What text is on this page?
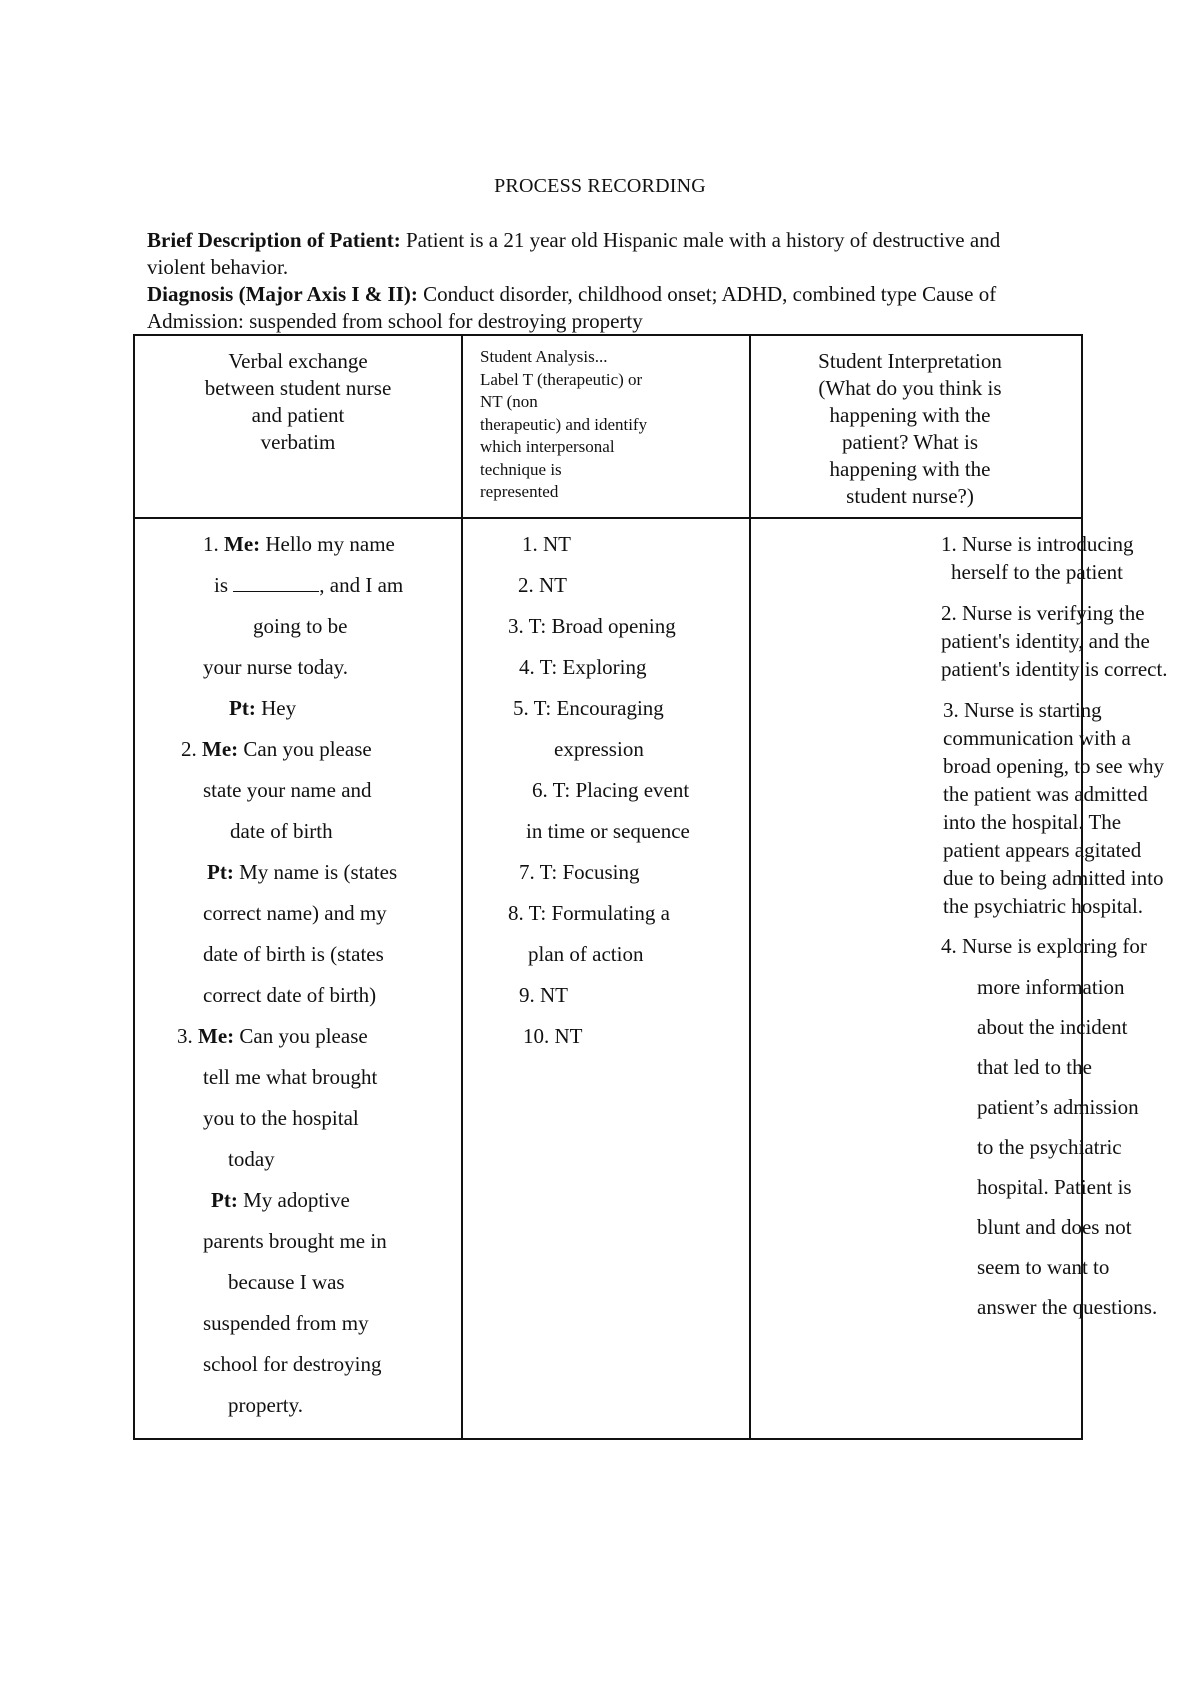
PROCESS RECORDING
Brief Description of Patient: Patient is a 21 year old Hispanic male with a history of destructive and violent behavior.
Diagnosis (Major Axis I & II): Conduct disorder, childhood onset; ADHD, combined type Cause of Admission: suspended from school for destroying property
Verbal exchange
between student nurse
and patient
verbatim
Student Analysis...
Label T (therapeutic) or
NT (non
therapeutic) and identify
which interpersonal
technique is
represented
Student Interpretation
(What do you think is
happening with the
patient? What is
happening with the
student nurse?)
1. Me: Hello my name
is	, and I am
going to be
your nurse today.
Pt: Hey
2. Me: Can you please
state your name and
date of birth
Pt: My name is (states
correct name) and my
date of birth is (states
correct date of birth)
3. Me: Can you please
tell me what brought
you to the hospital
today
Pt: My adoptive
parents brought me in
because I was
suspended from my
school for destroying
property.
1. NT
2. NT
3. T: Broad opening
4. T: Exploring
5. T: Encouraging
expression
6. T: Placing event
in time or sequence
7. T: Focusing
8. T: Formulating a
plan of action
9. NT
10. NT
1. Nurse is introducing
herself to the patient
2. Nurse is verifying the
patient's identity, and the
patient's identity is correct.
3. Nurse is starting
communication with a
broad opening, to see why
the patient was admitted
into the hospital. The
patient appears agitated
due to being admitted into
the psychiatric hospital.
4. Nurse is exploring for
more information
about the incident
that led to the
patient’s admission
to the psychiatric
hospital. Patient is
blunt and does not
seem to want to
answer the questions.
